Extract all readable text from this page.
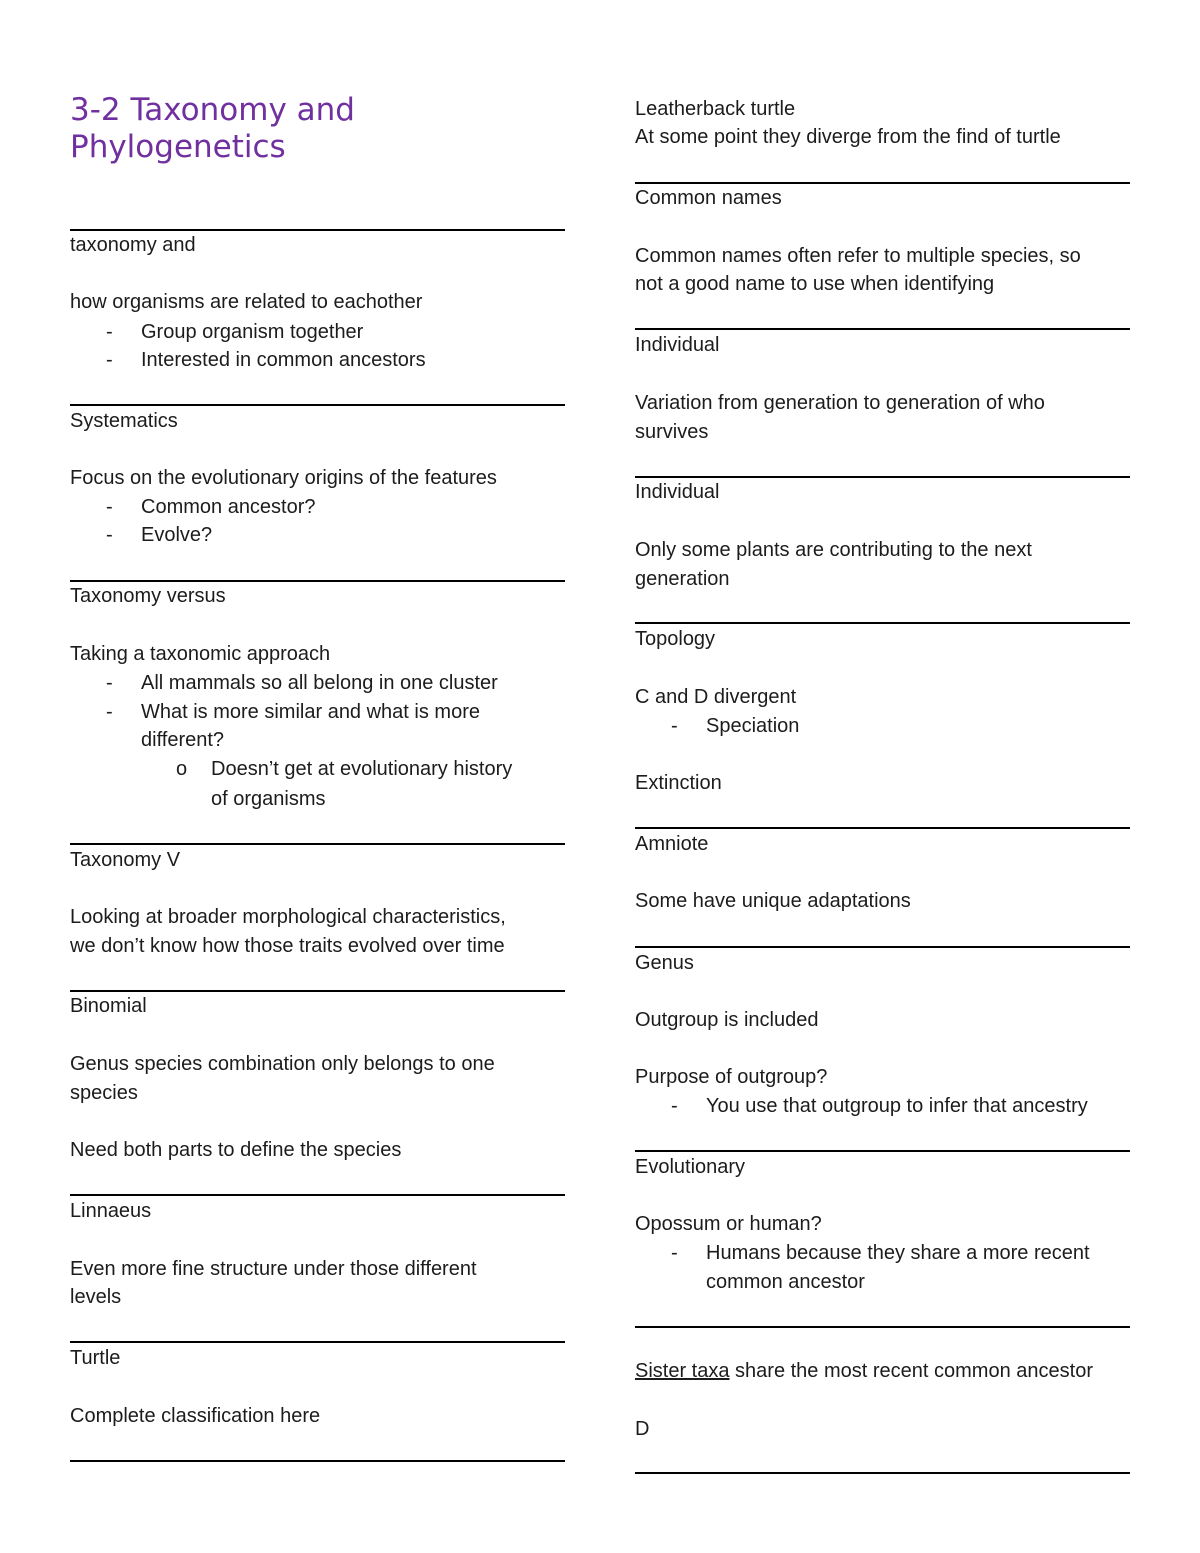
3-2 Taxonomy and Phylogenetics
taxonomy and
how organisms are related to eachother
- Group organism together
- Interested in common ancestors
Systematics
Focus on the evolutionary origins of the features
- Common ancestor?
- Evolve?
Taxonomy versus
Taking a taxonomic approach
- All mammals so all belong in one cluster
- What is more similar and what is more
different?
o Doesn’t get at evolutionary history
of organisms
Taxonomy V
Looking at broader morphological characteristics,
we don’t know how those traits evolved over time
Binomial
Genus species combination only belongs to one
species
Need both parts to define the species
Linnaeus
Even more fine structure under those different
levels
Turtle
Complete classification here
Leatherback turtle
At some point they diverge from the find of turtle
Common names
Common names often refer to multiple species, so
not a good name to use when identifying
Individual
Variation from generation to generation of who
survives
Individual
Only some plants are contributing to the next
generation
Topology
C and D divergent
- Speciation
Extinction
Amniote
Some have unique adaptations
Genus
Outgroup is included
Purpose of outgroup?
- You use that outgroup to infer that ancestry
Evolutionary
Opossum or human?
- Humans because they share a more recent
common ancestor
Sister taxa share the most recent common ancestor
D
